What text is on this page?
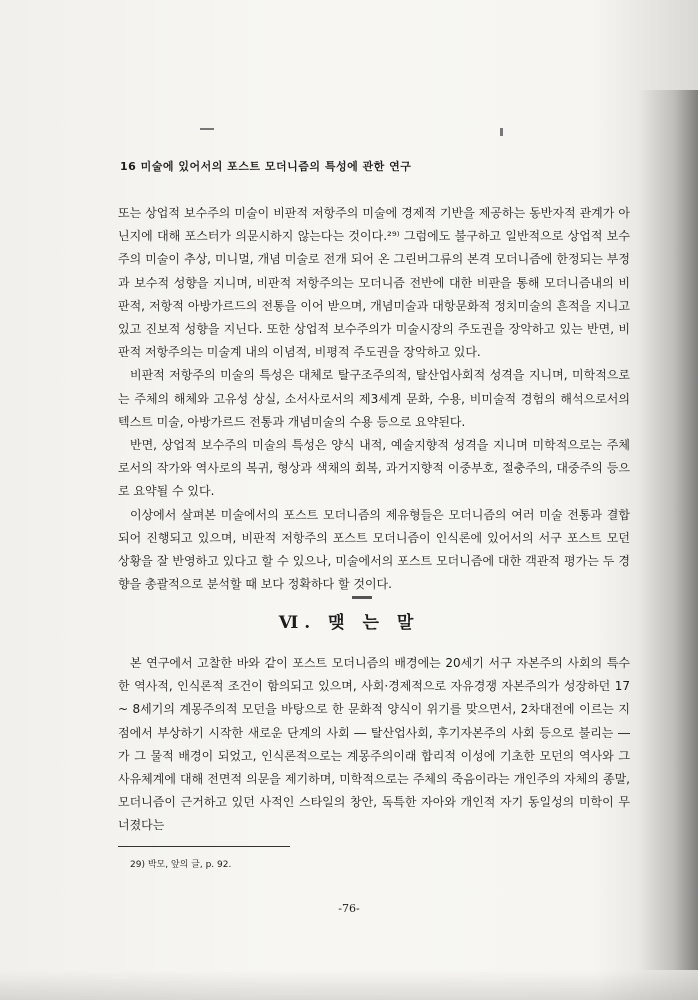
16 미술에 있어서의 포스트 모더니즘의 특성에 관한 연구

또는 상업적 보수주의 미술이 비판적 저항주의 미술에 경제적 기반을 제공하는 동반자적 관계가 아닌지에 대해 포스터가 의문시하지 않는다는 것이다.²⁹⁾ 그럼에도 불구하고 일반적으로 상업적 보수주의 미술이 추상, 미니멀, 개념 미술로 전개 되어 온 그린버그류의 본격 모더니즘에 한정되는 부정과 보수적 성향을 지니며, 비판적 저항주의는 모더니즘 전반에 대한 비판을 통해 모더니즘내의 비판적, 저항적 아방가르드의 전통을 이어 받으며, 개념미술과 대항문화적 정치미술의 흔적을 지니고 있고 진보적 성향을 지닌다. 또한 상업적 보수주의가 미술시장의 주도권을 장악하고 있는 반면, 비판적 저항주의는 미술계 내의 이념적, 비평적 주도권을 장악하고 있다.

비판적 저항주의 미술의 특성은 대체로 탈구조주의적, 탈산업사회적 성격을 지니며, 미학적으로는 주체의 해체와 고유성 상실, 소서사로서의 제3세계 문화, 수용, 비미술적 경험의 해석으로서의 텍스트 미술, 아방가르드 전통과 개념미술의 수용 등으로 요약된다.

반면, 상업적 보수주의 미술의 특성은 양식 내적, 예술지향적 성격을 지니며 미학적으로는 주체로서의 작가와 역사로의 복귀, 형상과 색채의 회복, 과거지향적 이중부호, 절충주의, 대중주의 등으로 요약될 수 있다.

이상에서 살펴본 미술에서의 포스트 모더니즘의 제유형들은 모더니즘의 여러 미술 전통과 결합되어 진행되고 있으며, 비판적 저항주의 포스트 모더니즘이 인식론에 있어서의 서구 포스트 모던 상황을 잘 반영하고 있다고 할 수 있으나, 미술에서의 포스트 모더니즘에 대한 객관적 평가는 두 경향을 총괄적으로 분석할 때 보다 정확하다 할 것이다.

Ⅵ. 맺 는 말

본 연구에서 고찰한 바와 같이 포스트 모더니즘의 배경에는 20세기 서구 자본주의 사회의 특수한 역사적, 인식론적 조건이 함의되고 있으며, 사회·경제적으로 자유경쟁 자본주의가 성장하던 17 ~ 8세기의 계몽주의적 모던을 바탕으로 한 문화적 양식이 위기를 맞으면서, 2차대전에 이르는 지점에서 부상하기 시작한 새로운 단계의 사회 ― 탈산업사회, 후기자본주의 사회 등으로 불리는 ― 가 그 물적 배경이 되었고, 인식론적으로는 계몽주의이래 합리적 이성에 기초한 모던의 역사와 그 사유체계에 대해 전면적 의문을 제기하며, 미학적으로는 주체의 죽음이라는 개인주의 자체의 종말, 모더니즘이 근거하고 있던 사적인 스타일의 창안, 독특한 자아와 개인적 자기 동일성의 미학이 무너졌다는

29) 박모, 앞의 글, p. 92.
-76-
